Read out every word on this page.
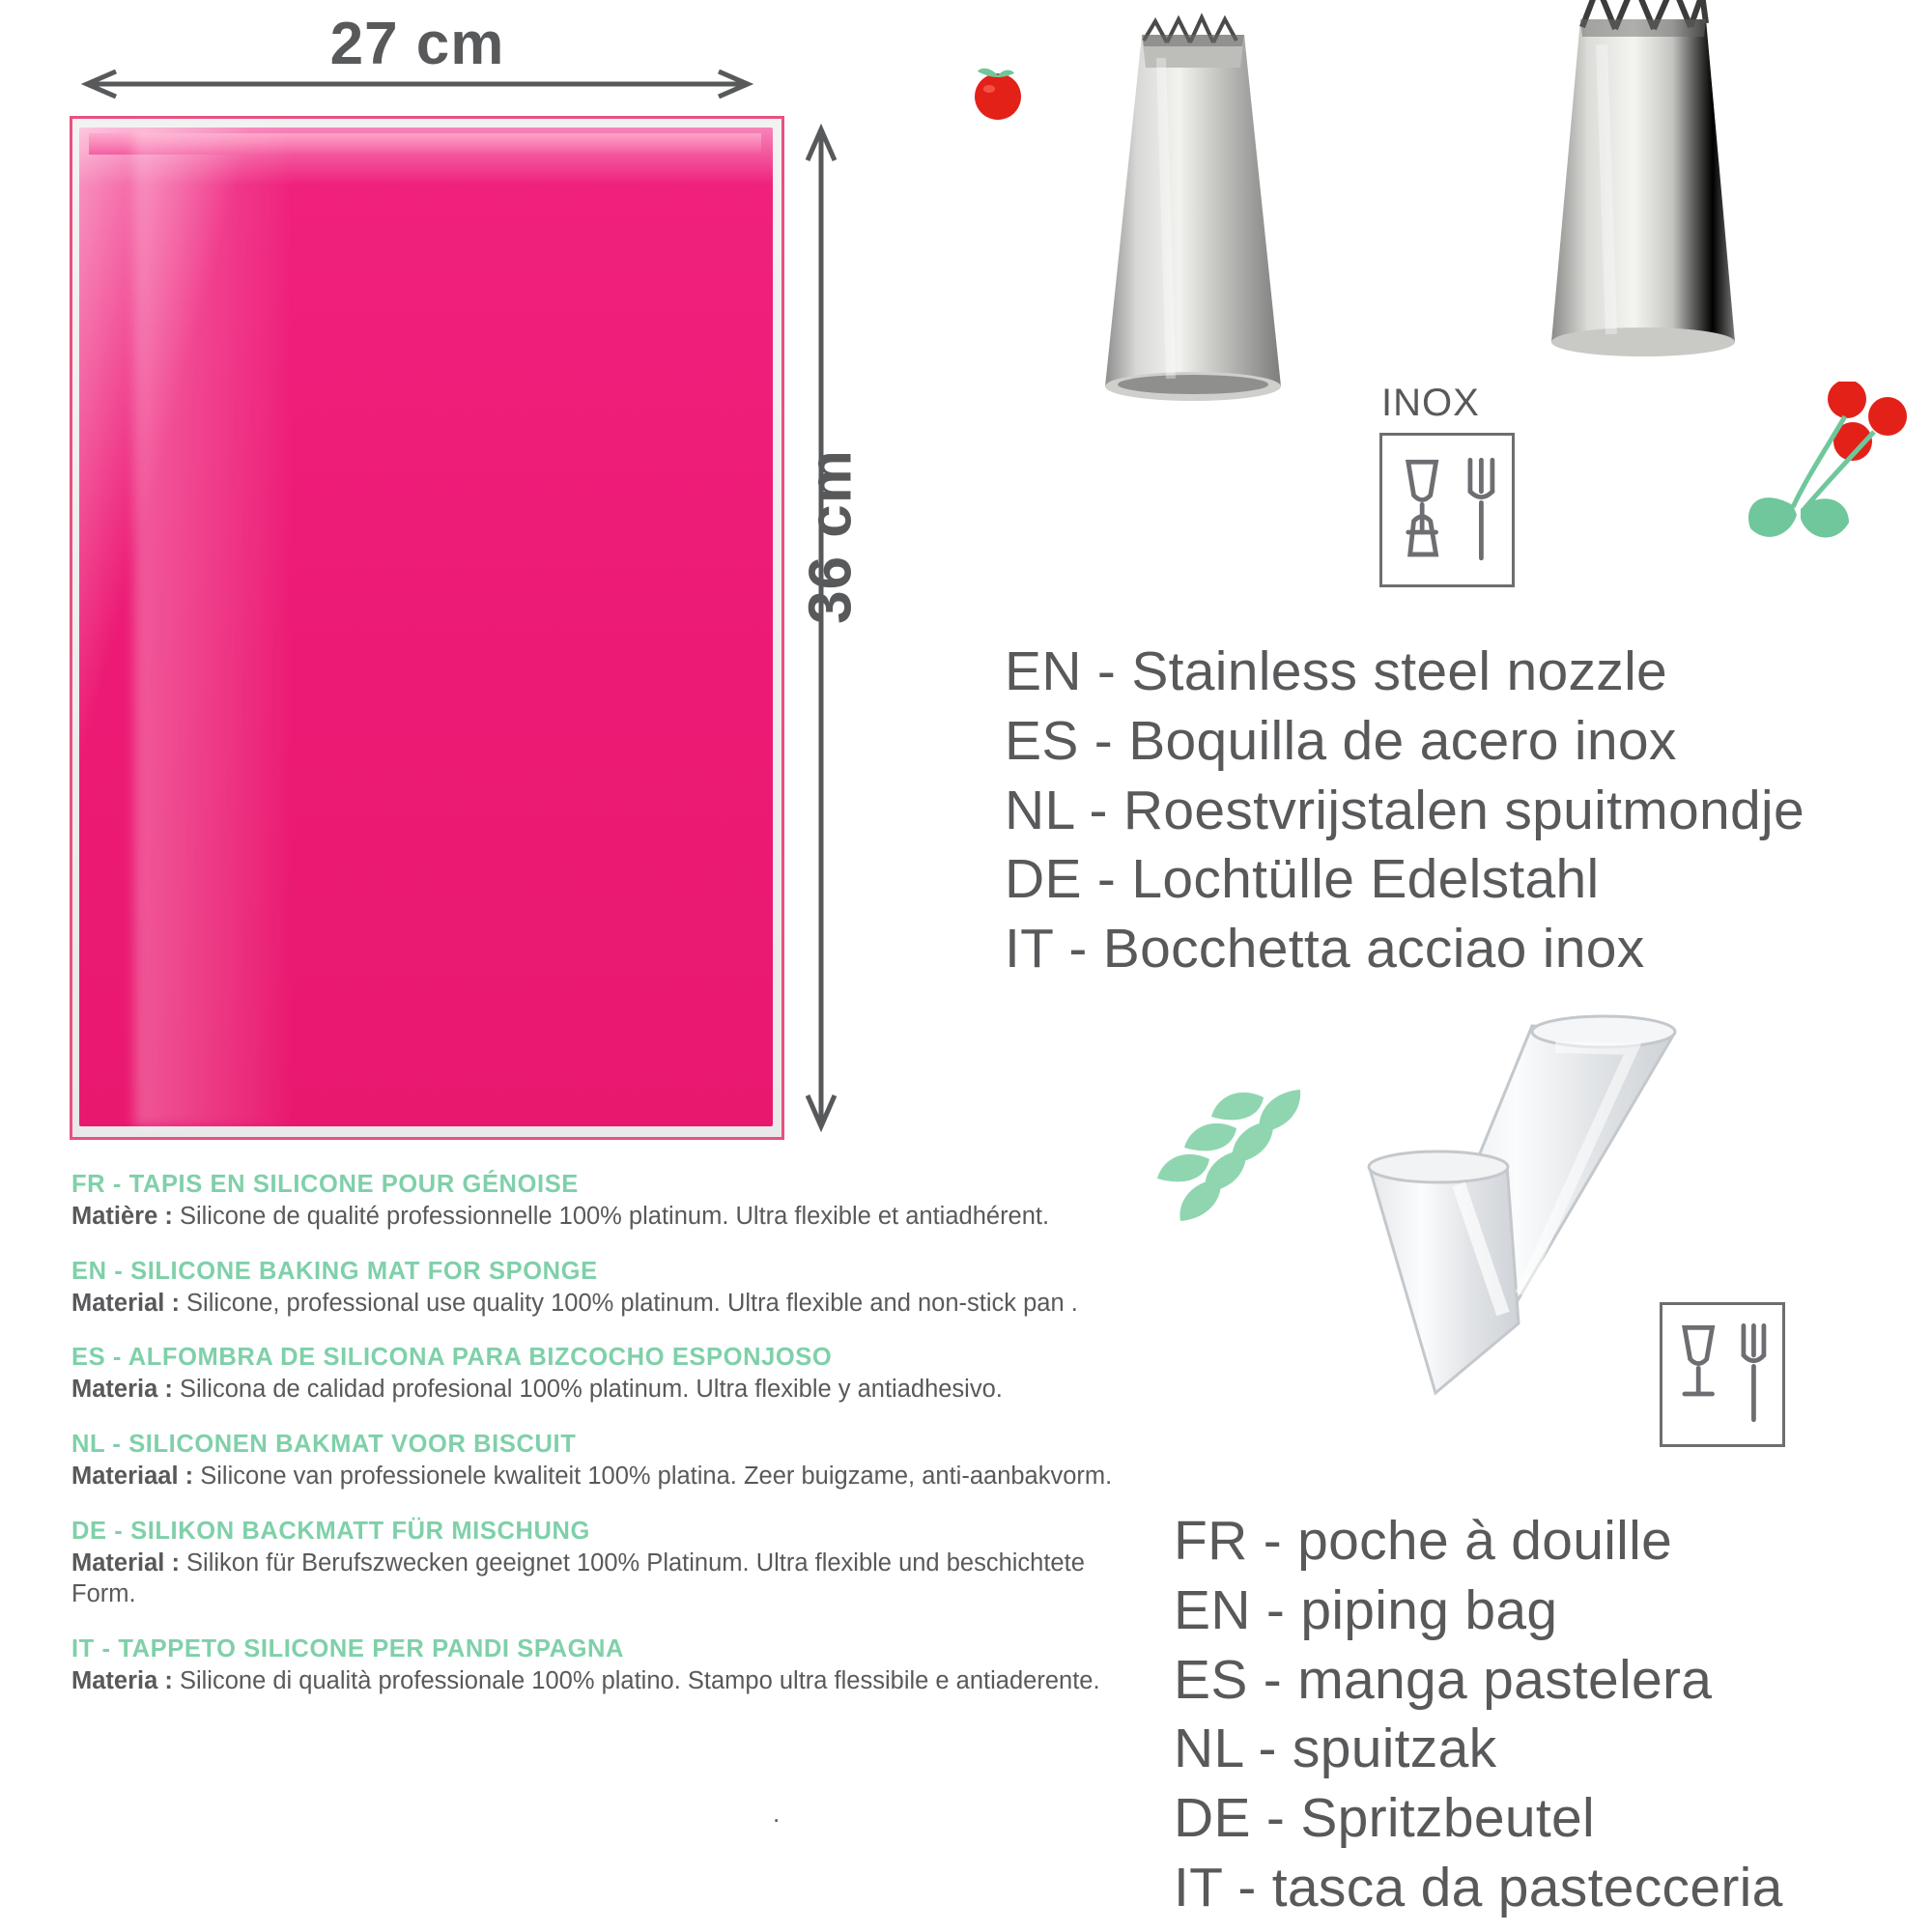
27 cm
36 cm
INOX
EN - Stainless steel nozzle
ES - Boquilla de acero inox
NL - Roestvrijstalen spuitmondje
DE - Lochtülle Edelstahl
IT - Bocchetta acciao inox
FR - poche à douille
EN - piping bag
ES - manga pastelera
NL - spuitzak
DE - Spritzbeutel
IT - tasca da pastecceria
FR - TAPIS EN SILICONE POUR GÉNOISE
Matière : Silicone de qualité professionnelle 100% platinum. Ultra flexible et antiadhérent.
EN - SILICONE BAKING MAT FOR SPONGE
Material : Silicone, professional use quality 100% platinum. Ultra flexible and non-stick pan .
ES - ALFOMBRA DE SILICONA PARA BIZCOCHO ESPONJOSO
Materia : Silicona de calidad profesional 100% platinum. Ultra flexible y antiadhesivo.
NL - SILICONEN BAKMAT VOOR BISCUIT
Materiaal : Silicone van professionele kwaliteit 100% platina. Zeer buigzame, anti-aanbakvorm.
DE - SILIKON BACKMATT FÜR MISCHUNG
Material : Silikon für Berufszwecken geeignet 100% Platinum. Ultra flexible und beschichtete Form.
IT - TAPPETO SILICONE PER PANDI SPAGNA
Materia : Silicone di qualità professionale 100% platino. Stampo ultra flessibile e antiaderente.
.
